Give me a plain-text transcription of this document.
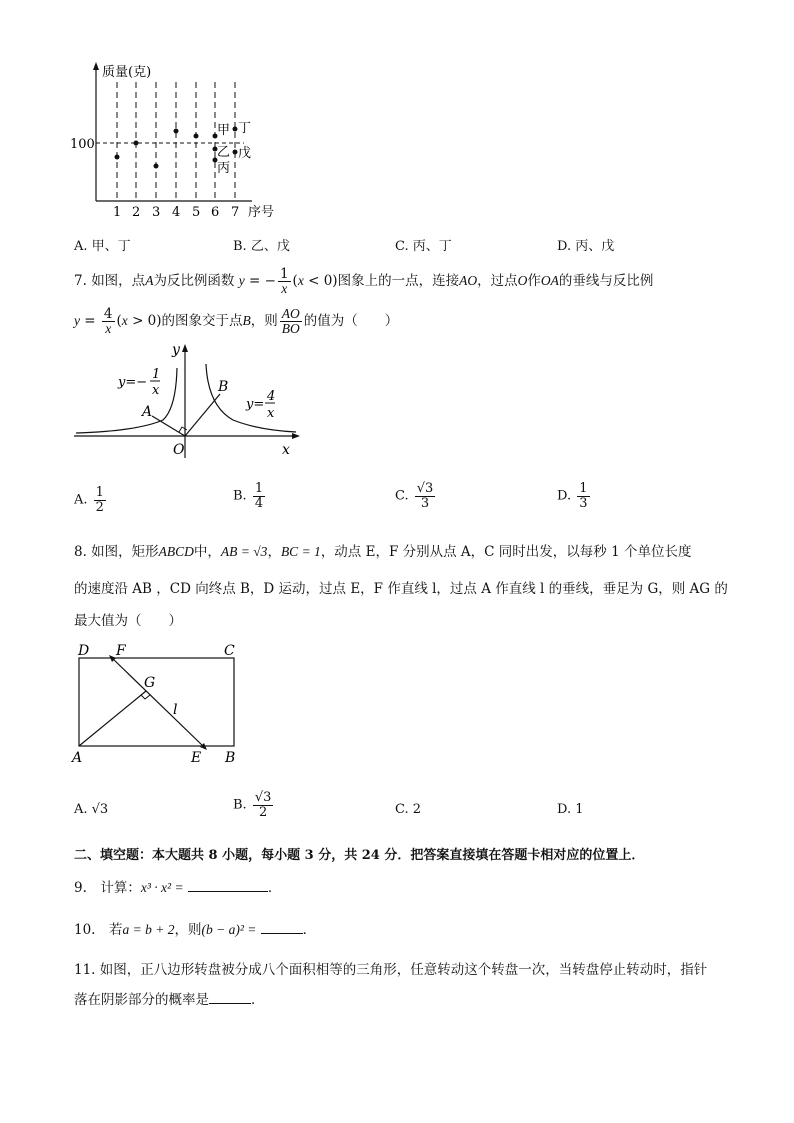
质量(克)
序号
100
1 2 3 4 5 6 7
甲 丁
乙 戊
丙
A. 甲、丁	B. 乙、戊	C. 丙、丁	D. 丙、戊
7. 如图，点A为反比例函数 y = − $\frac{1}{x} (x < 0)$图象上的一点，连接AO，过点O作OA的垂线与反比例
$y = \frac{4}{x} (x > 0)$的图象交于点B，则 $\frac{AO}{BO}$ 的值为（　　）
y
x
O
A
B
y=−
1
x
y=
4
x
A. $\frac{1}{2}$	B. $\frac{1}{4}$	C. $\frac{√3}{3}$	D. $\frac{1}{3}$
8. 如图，矩形ABCD中，AB = √3，BC = 1，动点 E，F 分别从点 A，C 同时出发，以每秒 1 个单位长度
的速度沿 AB ，CD 向终点 B，D 运动，过点 E，F 作直线 l，过点 A 作直线 l 的垂线，垂足为 G，则 AG 的
最大值为（　　）
D F	C
G
l
A	E B
A. √3	B. $\frac{√3}{2}$	C. 2	D. 1
二、填空题：本大题共 8 小题，每小题 3 分，共 24 分．把答案直接填在答题卡相对应的位置上．
9.　计算：x³ · x² =	．
10.　若a = b + 2，则(b − a)² =	．
11. 如图，正八边形转盘被分成八个面积相等的三角形，任意转动这个转盘一次，当转盘停止转动时，指针
落在阴影部分的概率是	．
